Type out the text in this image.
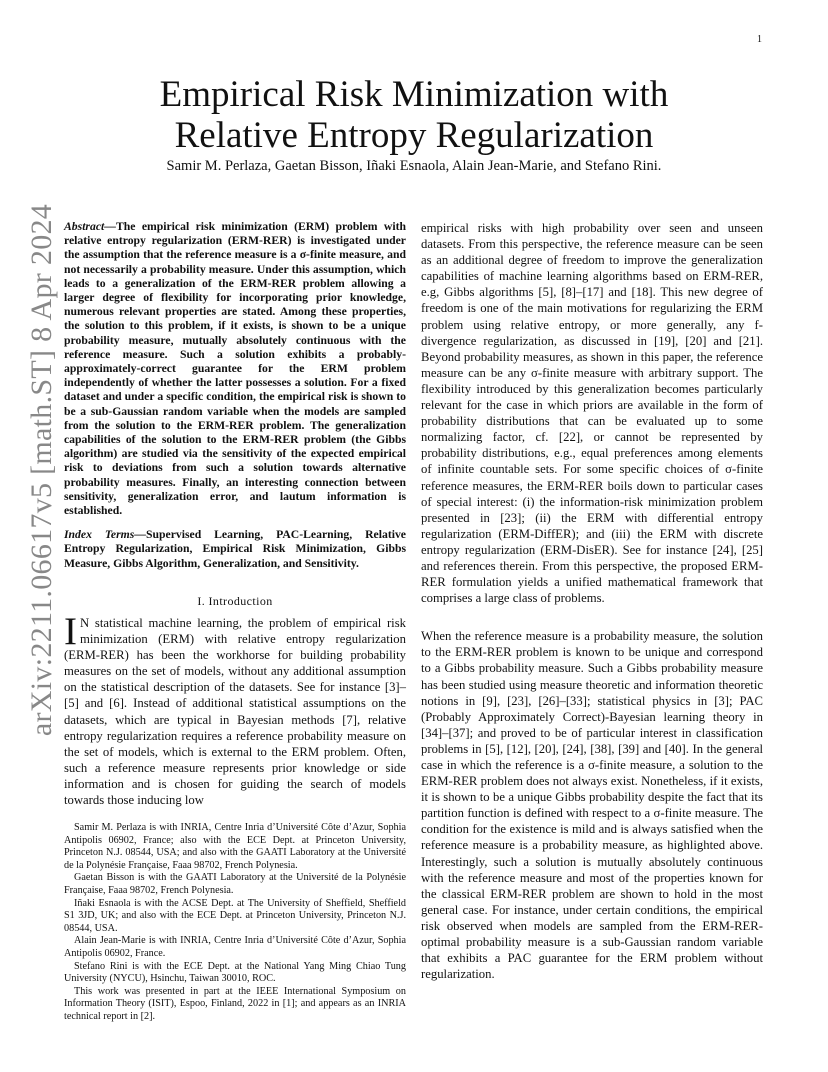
1
arXiv:2211.06617v5 [math.ST] 8 Apr 2024
Empirical Risk Minimization with
Relative Entropy Regularization
Samir M. Perlaza, Gaetan Bisson, Iñaki Esnaola, Alain Jean-Marie, and Stefano Rini.

Abstract—The empirical risk minimization (ERM) problem with relative entropy regularization (ERM-RER) is investigated under the assumption that the reference measure is a σ-finite measure, and not necessarily a probability measure. Under this assumption, which leads to a generalization of the ERM-RER problem allowing a larger degree of flexibility for incorporating prior knowledge, numerous relevant properties are stated. Among these properties, the solution to this problem, if it exists, is shown to be a unique probability measure, mutually absolutely continuous with the reference measure. Such a solution exhibits a probably-approximately-correct guarantee for the ERM problem independently of whether the latter possesses a solution. For a fixed dataset and under a specific condition, the empirical risk is shown to be a sub-Gaussian random variable when the models are sampled from the solution to the ERM-RER problem. The generalization capabilities of the solution to the ERM-RER problem (the Gibbs algorithm) are studied via the sensitivity of the expected empirical risk to deviations from such a solution towards alternative probability measures. Finally, an interesting connection between sensitivity, generalization error, and lautum information is established.

Index Terms—Supervised Learning, PAC-Learning, Relative Entropy Regularization, Empirical Risk Minimization, Gibbs Measure, Gibbs Algorithm, Generalization, and Sensitivity.

I. Introduction

I N statistical machine learning, the problem of empirical risk minimization (ERM) with relative entropy regularization (ERM-RER) has been the workhorse for building probability measures on the set of models, without any additional assumption on the statistical description of the datasets. See for instance [3]–[5] and [6]. Instead of additional statistical assumptions on the datasets, which are typical in Bayesian methods [7], relative entropy regularization requires a reference probability measure on the set of models, which is external to the ERM problem. Often, such a reference measure represents prior knowledge or side information and is chosen for guiding the search of models towards those inducing low

Samir M. Perlaza is with INRIA, Centre Inria d’Université Côte d’Azur, Sophia Antipolis 06902, France; also with the ECE Dept. at Princeton University, Princeton N.J. 08544, USA; and also with the GAATI Laboratory at the Université de la Polynésie Française, Faaa 98702, French Polynesia.

Gaetan Bisson is with the GAATI Laboratory at the Université de la Polynésie Française, Faaa 98702, French Polynesia.

Iñaki Esnaola is with the ACSE Dept. at The University of Sheffield, Sheffield S1 3JD, UK; and also with the ECE Dept. at Princeton University, Princeton N.J. 08544, USA.

Alain Jean-Marie is with INRIA, Centre Inria d’Université Côte d’Azur, Sophia Antipolis 06902, France.

Stefano Rini is with the ECE Dept. at the National Yang Ming Chiao Tung University (NYCU), Hsinchu, Taiwan 30010, ROC.

This work was presented in part at the IEEE International Symposium on Information Theory (ISIT), Espoo, Finland, 2022 in [1]; and appears as an INRIA technical report in [2].

empirical risks with high probability over seen and unseen datasets. From this perspective, the reference measure can be seen as an additional degree of freedom to improve the generalization capabilities of machine learning algorithms based on ERM-RER, e.g, Gibbs algorithms [5], [8]–[17] and [18]. This new degree of freedom is one of the main motivations for regularizing the ERM problem using relative entropy, or more generally, any f-divergence regularization, as discussed in [19], [20] and [21]. Beyond probability measures, as shown in this paper, the reference measure can be any σ-finite measure with arbitrary support. The flexibility introduced by this generalization becomes particularly relevant for the case in which priors are available in the form of probability distributions that can be evaluated up to some normalizing factor, cf. [22], or cannot be represented by probability distributions, e.g., equal preferences among elements of infinite countable sets. For some specific choices of σ-finite reference measures, the ERM-RER boils down to particular cases of special interest: (i) the information-risk minimization problem presented in [23]; (ii) the ERM with differential entropy regularization (ERM-DiffER); and (iii) the ERM with discrete entropy regularization (ERM-DisER). See for instance [24], [25] and references therein. From this perspective, the proposed ERM-RER formulation yields a unified mathematical framework that comprises a large class of problems.

When the reference measure is a probability measure, the solution to the ERM-RER problem is known to be unique and correspond to a Gibbs probability measure. Such a Gibbs probability measure has been studied using measure theoretic and information theoretic notions in [9], [23], [26]–[33]; statistical physics in [3]; PAC (Probably Approximately Correct)-Bayesian learning theory in [34]–[37]; and proved to be of particular interest in classification problems in [5], [12], [20], [24], [38], [39] and [40]. In the general case in which the reference is a σ-finite measure, a solution to the ERM-RER problem does not always exist. Nonetheless, if it exists, it is shown to be a unique Gibbs probability despite the fact that its partition function is defined with respect to a σ-finite measure. The condition for the existence is mild and is always satisfied when the reference measure is a probability measure, as highlighted above. Interestingly, such a solution is mutually absolutely continuous with the reference measure and most of the properties known for the classical ERM-RER problem are shown to hold in the most general case. For instance, under certain conditions, the empirical risk observed when models are sampled from the ERM-RER-optimal probability measure is a sub-Gaussian random variable that exhibits a PAC guarantee for the ERM problem without regularization.
